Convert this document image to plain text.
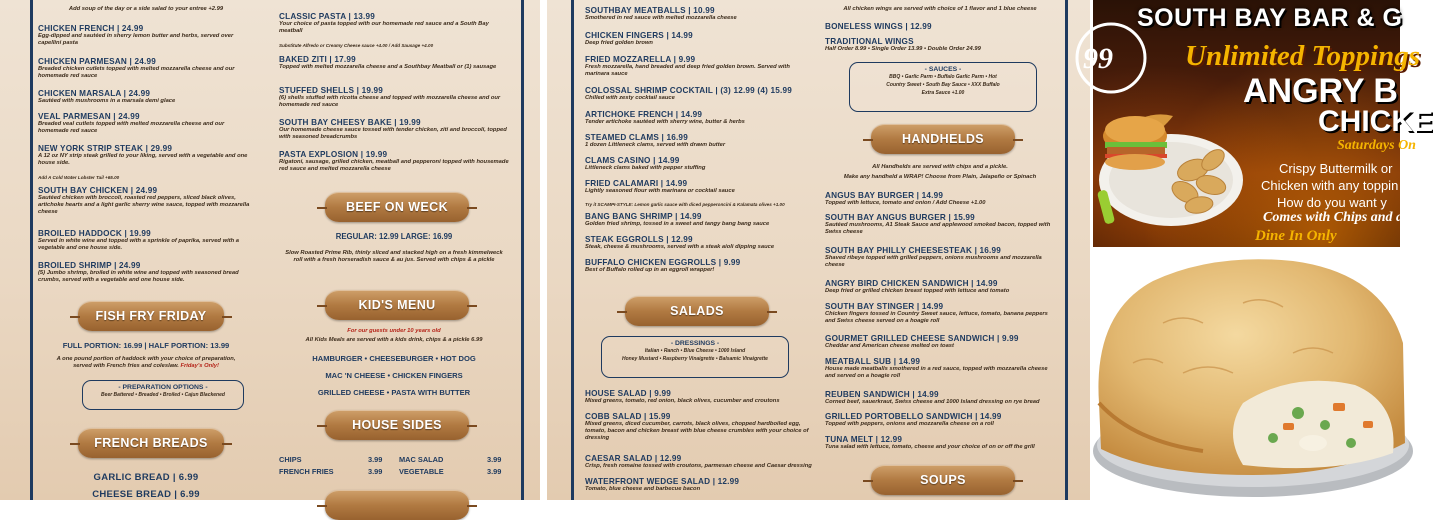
Add soup of the day or a side salad to your entree +2.99
CHICKEN FRENCH | 24.99
Egg-dipped and sautéed in sherry lemon butter and herbs, served over capellini pasta
CHICKEN PARMESAN | 24.99
Breaded chicken cutlets topped with melted mozzarella cheese and our homemade red sauce
CHICKEN MARSALA | 24.99
Sautéed with mushrooms in a marsala demi glace
VEAL PARMESAN | 24.99
Breaded veal cutlets topped with melted mozzarella cheese and our homemade red sauce
NEW YORK STRIP STEAK | 29.99
A 12 oz NY strip steak grilled to your liking, served with a vegetable and one house side.
Add A Cold Water Lobster Tail +65.00
SOUTH BAY CHICKEN | 24.99
Sautéed chicken with broccoli, roasted red peppers, sliced black olives, artichoke hearts and a light garlic sherry wine sauce, topped with mozzarella cheese
BROILED HADDOCK | 19.99
Served in white wine and topped with a sprinkle of paprika, served with a vegetable and one house side.
BROILED SHRIMP | 24.99
(5) Jumbo shrimp, broiled in white wine and topped with seasoned bread crumbs, served with a vegetable and one house side.
FISH FRY FRIDAY
FULL PORTION: 16.99 | HALF PORTION: 13.99
A one pound portion of haddock with your choice of preparation, served with French fries and coleslaw. Friday's Only!
- PREPARATION OPTIONS -
Beer Battered • Breaded • Broiled • Cajun Blackened
FRENCH BREADS
GARLIC BREAD | 6.99
CHEESE BREAD | 6.99
CLASSIC PASTA | 13.99
Your choice of pasta topped with our homemade red sauce and a South Bay meatball
Substitute Alfredo or Creamy Cheese sauce +4.00 / Add Sausage +4.00
BAKED ZITI | 17.99
Topped with melted mozzarella cheese and a Southbay Meatball or (1) sausage
STUFFED SHELLS | 19.99
(6) shells stuffed with ricotta cheese and topped with mozzarella cheese and our homemade red sauce
SOUTH BAY CHEESY BAKE | 19.99
Our homemade cheese sauce tossed with tender chicken, ziti and broccoli, topped with seasoned breadcrumbs
PASTA EXPLOSION | 19.99
Rigatoni, sausage, grilled chicken, meatball and pepperoni topped with housemade red sauce and melted mozzarella cheese
BEEF ON WECK
REGULAR: 12.99 LARGE: 16.99
Slow Roasted Prime Rib, thinly sliced and stacked high on a fresh kimmelweck roll with a fresh horseradish sauce & au jus. Served with chips & a pickle
KID'S MENU
For our guests under 10 years old
All Kids Meals are served with a kids drink, chips & a pickle 6.99
HAMBURGER • CHEESEBURGER • HOT DOG
MAC 'N CHEESE • CHICKEN FINGERS
GRILLED CHEESE • PASTA WITH BUTTER
HOUSE SIDES
CHIPS	3.99 MAC SALAD	3.99
FRENCH FRIES	3.99 VEGETABLE	3.99
SOUTHBAY MEATBALLS | 10.99
Smothered in red sauce with melted mozzarella cheese
CHICKEN FINGERS | 14.99
Deep fried golden brown
FRIED MOZZARELLA | 9.99
Fresh mozzarella, hand breaded and deep fried golden brown. Served with marinara sauce
COLOSSAL SHRIMP COCKTAIL | (3) 12.99 (4) 15.99
Chilled with zesty cocktail sauce
ARTICHOKE FRENCH | 14.99
Tender artichoke sautéed with sherry wine, butter & herbs
STEAMED CLAMS | 16.99
1 dozen Littleneck clams, served with drawn butter
CLAMS CASINO | 14.99
Littleneck clams baked with pepper stuffing
FRIED CALAMARI | 14.99
Lightly seasoned flour with marinara or cocktail sauce
Try it SCAMPI-STYLE: Lemon garlic sauce with diced pepperoncini & Kalamata olives +1.00
BANG BANG SHRIMP | 14.99
Golden fried shrimp, tossed in a sweet and tangy bang bang sauce
STEAK EGGROLLS | 12.99
Steak, cheese & mushrooms, served with a steak aioli dipping sauce
BUFFALO CHICKEN EGGROLLS | 9.99
Best of Buffalo rolled up in an eggroll wrapper!
SALADS
- DRESSINGS -
Italian • Ranch • Blue Cheese • 1000 Island
Honey Mustard • Raspberry Vinaigrette • Balsamic Vinaigrette
HOUSE SALAD | 9.99
Mixed greens, tomato, red onion, black olives, cucumber and croutons
COBB SALAD | 15.99
Mixed greens, diced cucumber, carrots, black olives, chopped hardboiled egg, tomato, bacon and chicken breast with blue cheese crumbles with your choice of dressing
CAESAR SALAD | 12.99
Crisp, fresh romaine tossed with croutons, parmesan cheese and Caesar dressing
WATERFRONT WEDGE SALAD | 12.99
Tomato, blue cheese and barbecue bacon
All chicken wings are served with choice of 1 flavor and 1 blue cheese
BONELESS WINGS | 12.99
TRADITIONAL WINGS
Half Order 8.99 • Single Order 13.99 • Double Order 24.99
- SAUCES -
BBQ • Garlic Parm • Buffalo Garlic Parm • Hot
Country Sweet • South Bay Sauce • XXX Buffalo
Extra Sauce +1.00
HANDHELDS
All Handhelds are served with chips and a pickle.
Make any handheld a WRAP! Choose from Plain, Jalapeño or Spinach
ANGUS BAY BURGER | 14.99
Topped with lettuce, tomato and onion / Add Cheese +1.00
SOUTH BAY ANGUS BURGER | 15.99
Sautéed mushrooms, A1 Steak Sauce and applewood smoked bacon, topped with Swiss cheese
SOUTH BAY PHILLY CHEESESTEAK | 16.99
Shaved ribeye topped with grilled peppers, onions mushrooms and mozzarella cheese
ANGRY BIRD CHICKEN SANDWICH | 14.99
Deep fried or grilled chicken breast topped with lettuce and tomato
SOUTH BAY STINGER | 14.99
Chicken fingers tossed in Country Sweet sauce, lettuce, tomato, banana peppers and Swiss cheese served on a hoagie roll
GOURMET GRILLED CHEESE SANDWICH | 9.99
Cheddar and American cheese melted on toast
MEATBALL SUB | 14.99
House made meatballs smothered in a red sauce, topped with mozzarella cheese and served on a hoagie roll
REUBEN SANDWICH | 14.99
Corned beef, sauerkraut, Swiss cheese and 1000 Island dressing on rye bread
GRILLED PORTOBELLO SANDWICH | 14.99
Topped with peppers, onions and mozzarella cheese on a roll
TUNA MELT | 12.99
Tuna salad with lettuce, tomato, cheese and your choice of on or off the grill
SOUPS
99
SOUTH BAY BAR & G
Unlimited Toppings
ANGRY B
CHICKE
Saturdays On
Crispy Buttermilk or
Chicken with any toppin
How do you want y
Comes with Chips and a
Dine In Only
